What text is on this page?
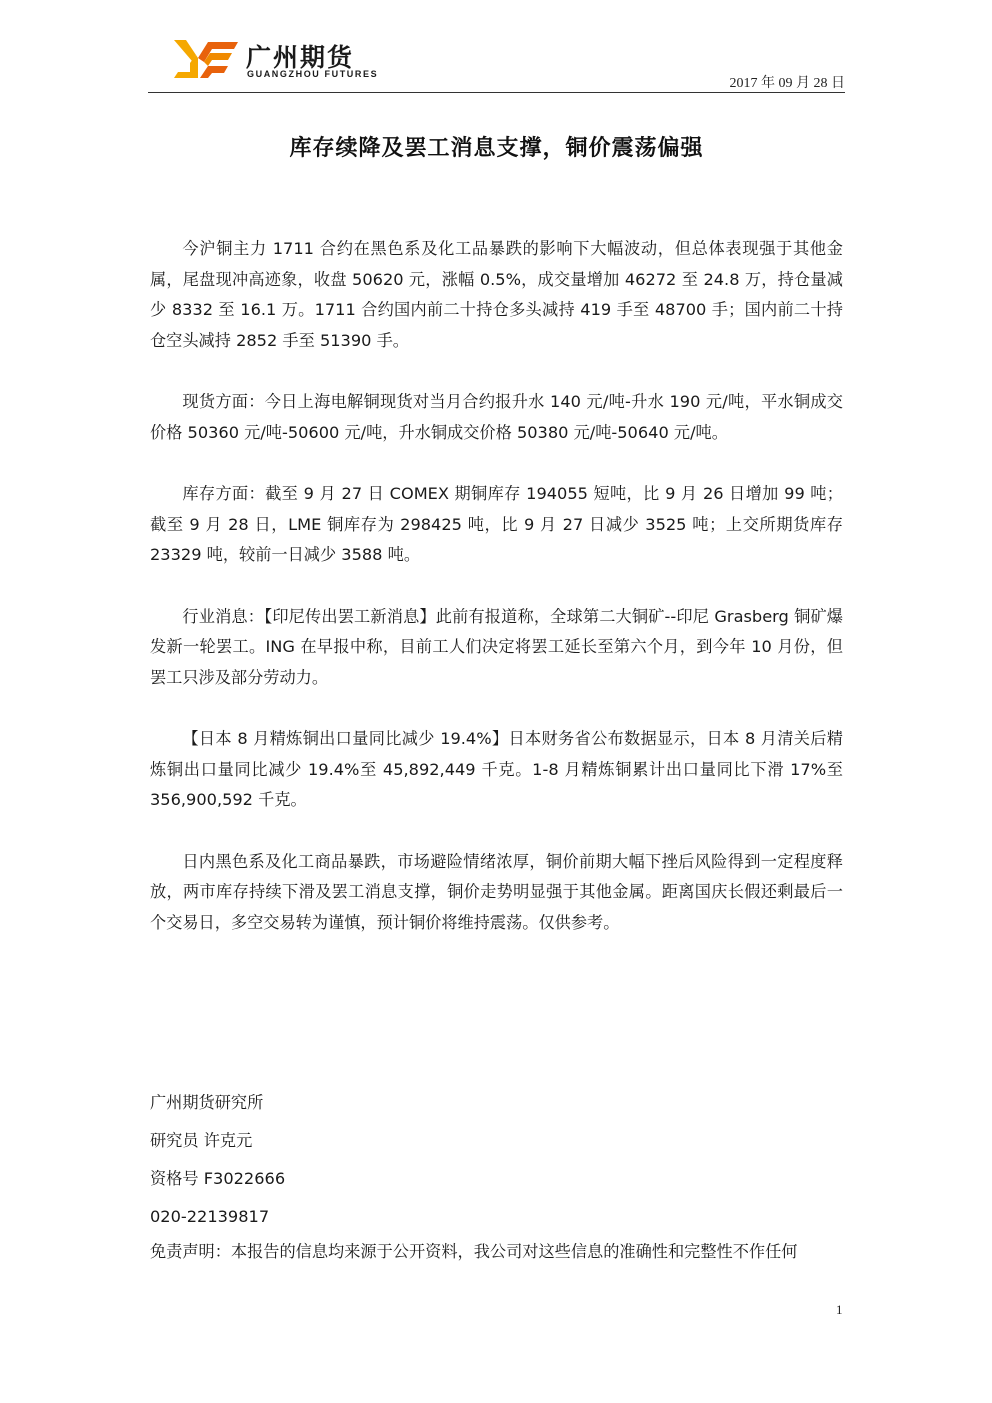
广州期货
GUANGZHOU FUTURES
2017 年 09 月 28 日
库存续降及罢工消息支撑，铜价震荡偏强

今沪铜主力 1711 合约在黑色系及化工品暴跌的影响下大幅波动，但总体表现强于其他金属，尾盘现冲高迹象，收盘 50620 元，涨幅 0.5%，成交量增加 46272 至 24.8 万，持仓量减少 8332 至 16.1 万。1711 合约国内前二十持仓多头减持 419 手至 48700 手；国内前二十持仓空头减持 2852 手至 51390 手。

现货方面：今日上海电解铜现货对当月合约报升水 140 元/吨-升水 190 元/吨，平水铜成交价格 50360 元/吨-50600 元/吨，升水铜成交价格 50380 元/吨-50640 元/吨。

库存方面：截至 9 月 27 日 COMEX 期铜库存 194055 短吨，比 9 月 26 日增加 99 吨；截至 9 月 28 日，LME 铜库存为 298425 吨，比 9 月 27 日减少 3525 吨；上交所期货库存 23329 吨，较前一日减少 3588 吨。

行业消息：【印尼传出罢工新消息】此前有报道称，全球第二大铜矿--印尼 Grasberg 铜矿爆发新一轮罢工。ING 在早报中称，目前工人们决定将罢工延长至第六个月，到今年 10 月份，但罢工只涉及部分劳动力。

【日本 8 月精炼铜出口量同比减少 19.4%】日本财务省公布数据显示，日本 8 月清关后精炼铜出口量同比减少 19.4%至 45,892,449 千克。1-8 月精炼铜累计出口量同比下滑 17%至 356,900,592 千克。

日内黑色系及化工商品暴跌，市场避险情绪浓厚，铜价前期大幅下挫后风险得到一定程度释放，两市库存持续下滑及罢工消息支撑，铜价走势明显强于其他金属。距离国庆长假还剩最后一个交易日，多空交易转为谨慎，预计铜价将维持震荡。仅供参考。

广州期货研究所
研究员 许克元
资格号 F3022666
020-22139817
免责声明：本报告的信息均来源于公开资料，我公司对这些信息的准确性和完整性不作任何
1
